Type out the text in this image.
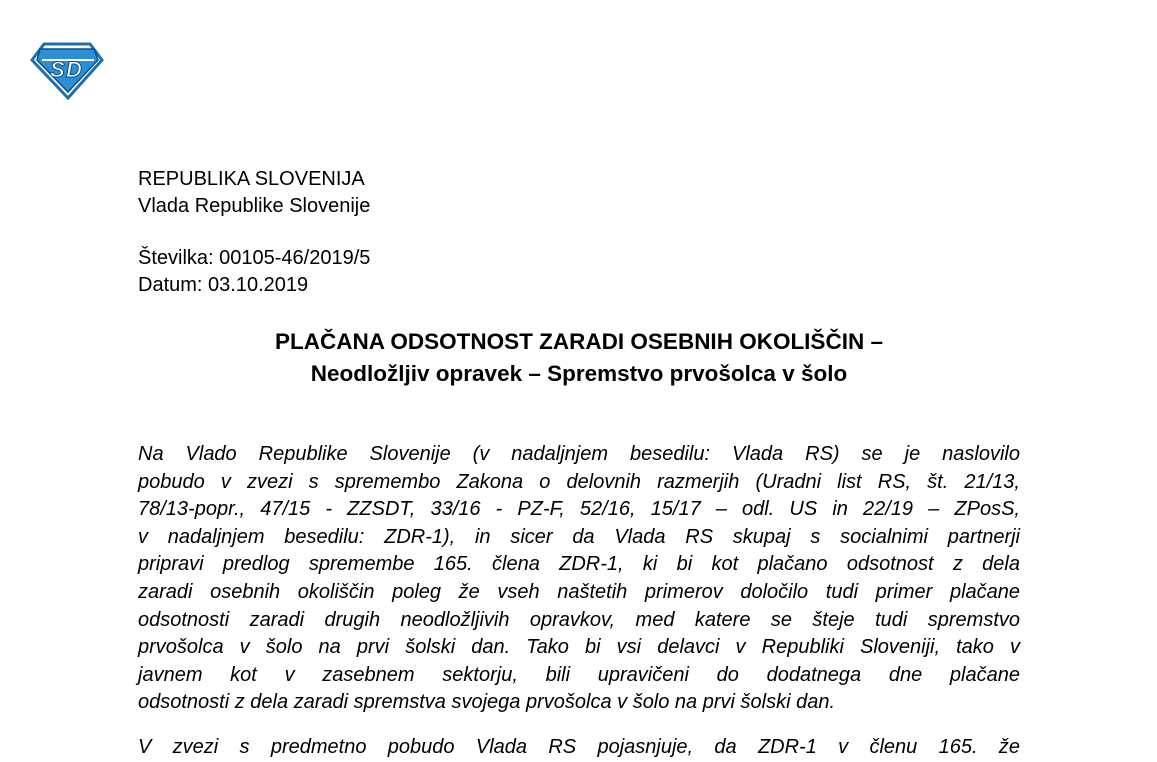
S D
REPUBLIKA SLOVENIJA
Vlada Republike Slovenije
Številka: 00105-46/2019/5
Datum: 03.10.2019
PLAČANA ODSOTNOST ZARADI OSEBNIH OKOLIŠČIN –
Neodložljiv opravek – Spremstvo prvošolca v šolo
Na Vlado Republike Slovenije (v nadaljnjem besedilu: Vlada RS) se je naslovilo
pobudo v zvezi s spremembo Zakona o delovnih razmerjih (Uradni list RS, št. 21/13,
78/13-popr., 47/15 - ZZSDT, 33/16 - PZ-F, 52/16, 15/17 – odl. US in 22/19 – ZPosS,
v nadaljnjem besedilu: ZDR-1), in sicer da Vlada RS skupaj s socialnimi partnerji
pripravi predlog spremembe 165. člena ZDR-1, ki bi kot plačano odsotnost z dela
zaradi osebnih okoliščin poleg že vseh naštetih primerov določilo tudi primer plačane
odsotnosti zaradi drugih neodložljivih opravkov, med katere se šteje tudi spremstvo
prvošolca v šolo na prvi šolski dan. Tako bi vsi delavci v Republiki Sloveniji, tako v
javnem kot v zasebnem sektorju, bili upravičeni do dodatnega dne plačane
odsotnosti z dela zaradi spremstva svojega prvošolca v šolo na prvi šolski dan.
V zvezi s predmetno pobudo Vlada RS pojasnjuje, da ZDR-1 v členu 165. že
